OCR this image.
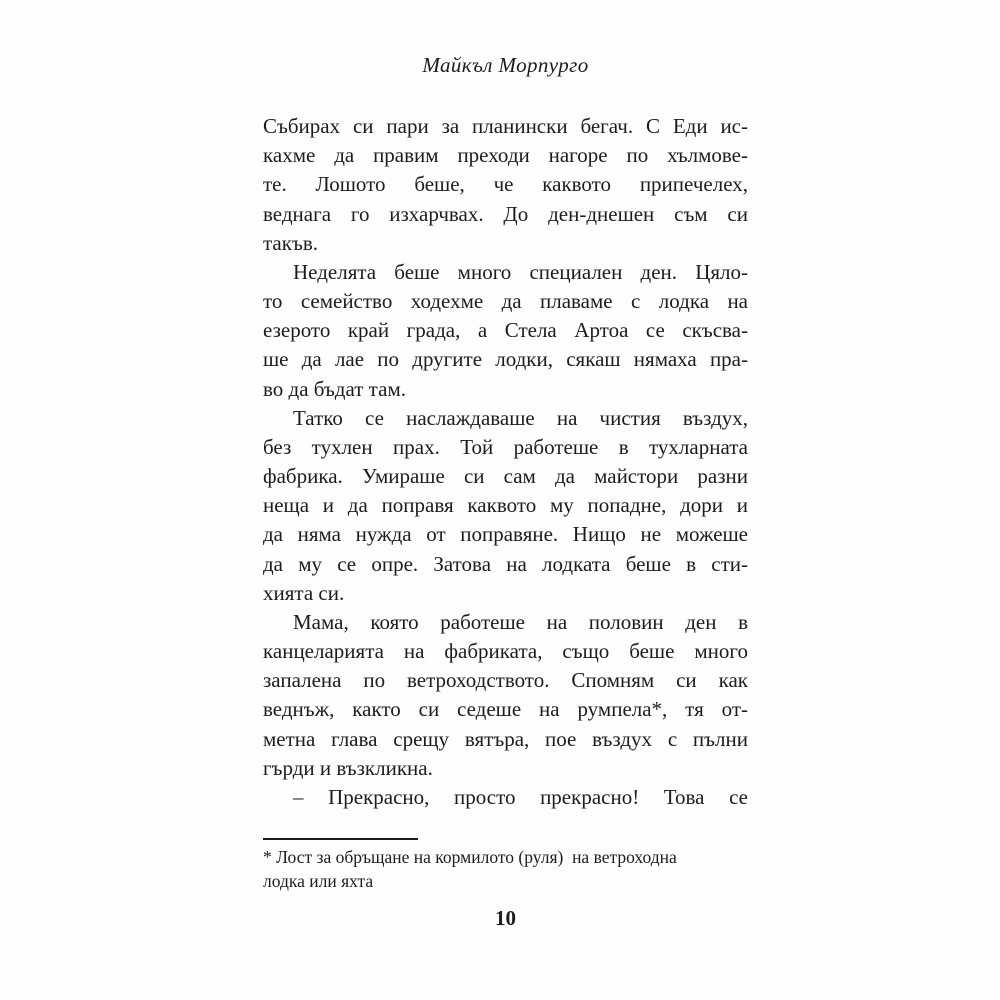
Майкъл Морпурго
Събирах си пари за планински бегач. С Еди ис-
кахме да правим преходи нагоре по хълмове-
те. Лошото беше, че каквото припечелех,
веднага го изхарчвах. До ден-днешен съм си
такъв.
Неделята беше много специален ден. Цяло-
то семейство ходехме да плаваме с лодка на
езерото край града, а Стела Артоа се скъсва-
ше да лае по другите лодки, сякаш нямаха пра-
во да бъдат там.
Татко се наслаждаваше на чистия въздух,
без тухлен прах. Той работеше в тухларната
фабрика. Умираше си сам да майстори разни
неща и да поправя каквото му попадне, дори и
да няма нужда от поправяне. Нищо не можеше
да му се опре. Затова на лодката беше в сти-
хията си.
Мама, която работеше на половин ден в
канцеларията на фабриката, също беше много
запалена по ветроходството. Спомням си как
веднъж, както си седеше на румпела*, тя от-
метна глава срещу вятъра, пое въздух с пълни
гърди и възкликна.
– Прекрасно, просто прекрасно! Това се
* Лост за обръщане на кормилото (руля)  на ветроходна
лодка или яхта
10
